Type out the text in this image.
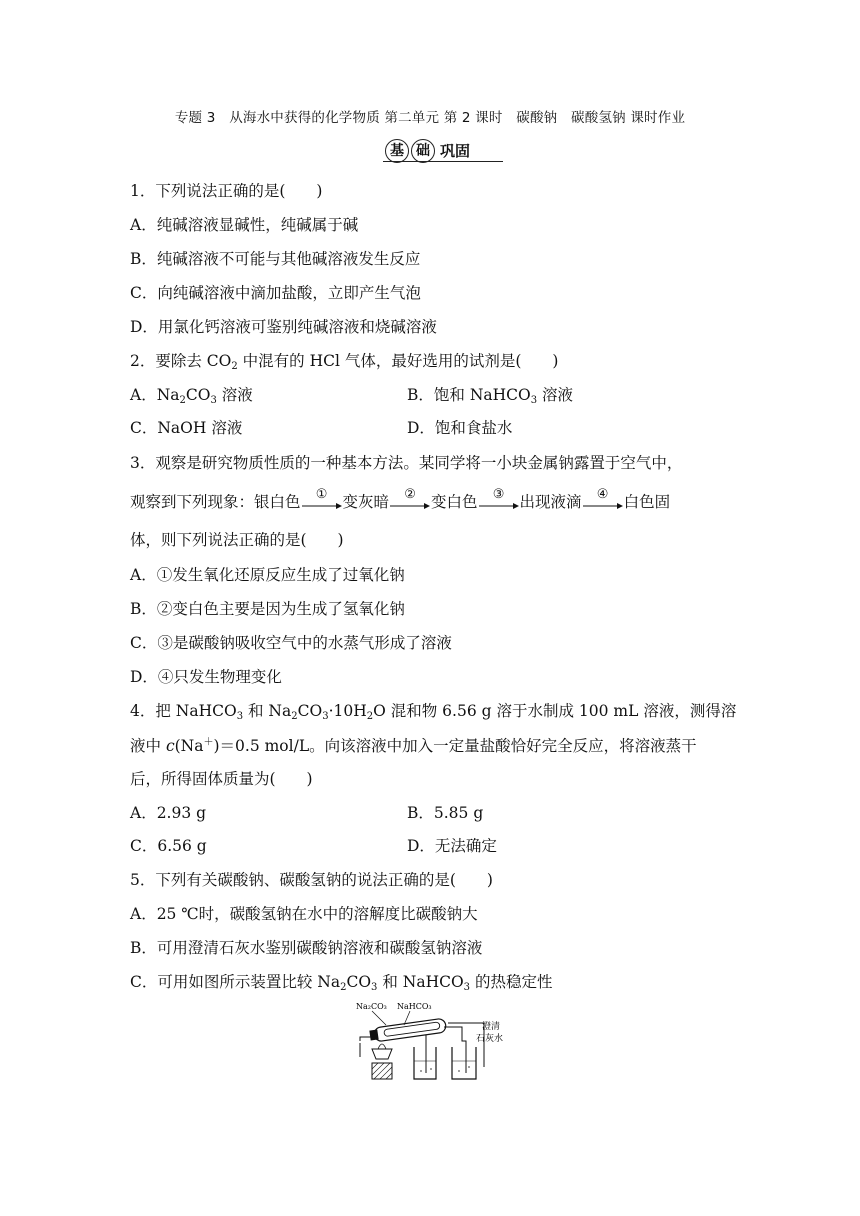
专题 3　从海水中获得的化学物质 第二单元 第 2 课时　碳酸钠　碳酸氢钠 课时作业
基 础 巩固
1．下列说法正确的是(　　)
A．纯碱溶液显碱性，纯碱属于碱
B．纯碱溶液不可能与其他碱溶液发生反应
C．向纯碱溶液中滴加盐酸，立即产生气泡
D．用氯化钙溶液可鉴别纯碱溶液和烧碱溶液
2．要除去 $CO_2$ 中混有的 HCl 气体，最好选用的试剂是(　　)
A．$Na_2CO_3$ 溶液	B．饱和 NaHCO$_3$ 溶液
C．NaOH 溶液	D．饱和食盐水
3．观察是研究物质性质的一种基本方法。某同学将一小块金属钠露置于空气中，
观察到下列现象：银白色	① 变灰暗	② 变白色	③ 出现液滴	④ 白色固
体，则下列说法正确的是(　　)
A．①发生氧化还原反应生成了过氧化钠
B．②变白色主要是因为生成了氢氧化钠
C．③是碳酸钠吸收空气中的水蒸气形成了溶液
D．④只发生物理变化
4．把 NaHCO$_3$ 和 $Na_2CO_3\cdot 10H_2O$ 混和物 6.56 g 溶于水制成 100 mL 溶液，测得溶
液中 c(Na＋)＝0.5 mol/L。向该溶液中加入一定量盐酸恰好完全反应，将溶液蒸干
后，所得固体质量为(　　)
A．2.93 g	B．5.85 g
C．6.56 g	D．无法确定
5．下列有关碳酸钠、碳酸氢钠的说法正确的是(　　)
A．25 ℃时，碳酸氢钠在水中的溶解度比碳酸钠大
B．可用澄清石灰水鉴别碳酸钠溶液和碳酸氢钠溶液
C．可用如图所示装置比较 $Na_2CO_3$ 和 NaHCO$_3$ 的热稳定性
Na₂CO₃ NaHCO₃
澄清
石灰水
